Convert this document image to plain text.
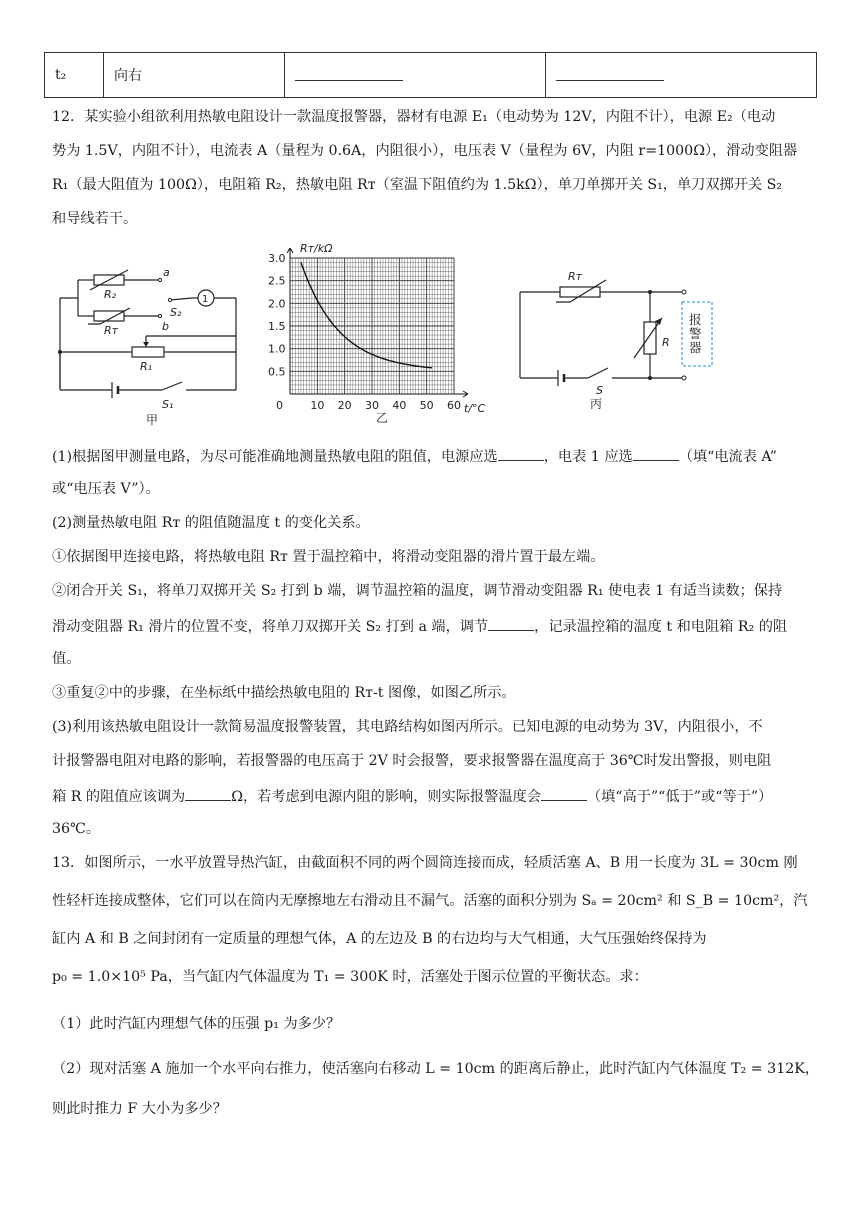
t₂	向右		
12．某实验小组欲利用热敏电阻设计一款温度报警器，器材有电源 E₁（电动势为 12V，内阻不计），电源 E₂（电动
势为 1.5V，内阻不计），电流表 A（量程为 0.6A，内阻很小），电压表 V（量程为 6V，内阻 r=1000Ω），滑动变阻器
R₁（最大阻值为 100Ω），电阻箱 R₂，热敏电阻 Rᴛ（室温下阻值约为 1.5kΩ），单刀单掷开关 S₁，单刀双掷开关 S₂
和导线若干。
R₂
a
1
S₂
Rᴛ	b
R₁
S₁
甲
3.0
2.5
2.0
1.5
1.0
0.5
0 10 20 30 40 50 60
Rᴛ/kΩ
t/°C
乙
Rᴛ
R
S
丙
报警器
(1)根据图甲测量电路，为尽可能准确地测量热敏电阻的阻值，电源应选	，电表 1 应选	（填“电流表 A”
或“电压表 V”）。
(2)测量热敏电阻 Rᴛ 的阻值随温度 t 的变化关系。
①依据图甲连接电路，将热敏电阻 Rᴛ 置于温控箱中，将滑动变阻器的滑片置于最左端。
②闭合开关 S₁，将单刀双掷开关 S₂ 打到 b 端，调节温控箱的温度，调节滑动变阻器 R₁ 使电表 1 有适当读数；保持
滑动变阻器 R₁ 滑片的位置不变，将单刀双掷开关 S₂ 打到 a 端，调节	，记录温控箱的温度 t 和电阻箱 R₂ 的阻
值。
③重复②中的步骤，在坐标纸中描绘热敏电阻的 Rᴛ-t 图像，如图乙所示。
(3)利用该热敏电阻设计一款简易温度报警装置，其电路结构如图丙所示。已知电源的电动势为 3V，内阻很小，不
计报警器电阻对电路的影响，若报警器的电压高于 2V 时会报警，要求报警器在温度高于 36℃时发出警报，则电阻
箱 R 的阻值应该调为	Ω，若考虑到电源内阻的影响，则实际报警温度会	（填“高于”“低于”或“等于”）
36℃。
13．如图所示，一水平放置导热汽缸，由截面积不同的两个圆筒连接而成，轻质活塞 A、B 用一长度为 3L = 30cm 刚
性轻杆连接成整体，它们可以在筒内无摩擦地左右滑动且不漏气。活塞的面积分别为 Sₐ = 20cm² 和 S_B = 10cm²，汽
缸内 A 和 B 之间封闭有一定质量的理想气体，A 的左边及 B 的右边均与大气相通，大气压强始终保持为
p₀ = 1.0×10⁵ Pa，当气缸内气体温度为 T₁ = 300K 时，活塞处于图示位置的平衡状态。求：
（1）此时汽缸内理想气体的压强 p₁ 为多少？
（2）现对活塞 A 施加一个水平向右推力，使活塞向右移动 L = 10cm 的距离后静止，此时汽缸内气体温度 T₂ = 312K，
则此时推力 F 大小为多少？
